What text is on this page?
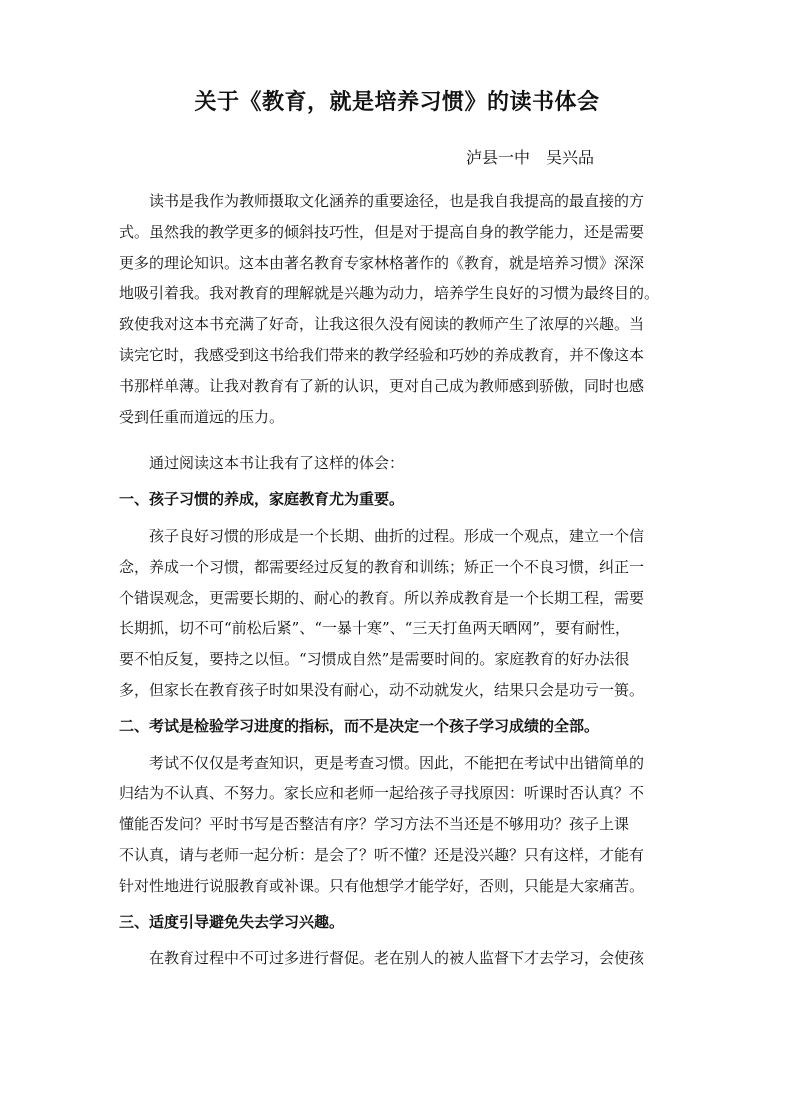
关于《教育，就是培养习惯》的读书体会
泸县一中　吴兴品

读书是我作为教师摄取文化涵养的重要途径，也是我自我提高的最直接的方

式。虽然我的教学更多的倾斜技巧性，但是对于提高自身的教学能力，还是需要

更多的理论知识。这本由著名教育专家林格著作的《教育，就是培养习惯》深深

地吸引着我。我对教育的理解就是兴趣为动力，培养学生良好的习惯为最终目的。

致使我对这本书充满了好奇，让我这很久没有阅读的教师产生了浓厚的兴趣。当

读完它时，我感受到这书给我们带来的教学经验和巧妙的养成教育，并不像这本

书那样单薄。让我对教育有了新的认识，更对自己成为教师感到骄傲，同时也感

受到任重而道远的压力。

通过阅读这本书让我有了这样的体会：

一、孩子习惯的养成，家庭教育尤为重要。

孩子良好习惯的形成是一个长期、曲折的过程。形成一个观点，建立一个信

念，养成一个习惯，都需要经过反复的教育和训练；矫正一个不良习惯，纠正一

个错误观念，更需要长期的、耐心的教育。所以养成教育是一个长期工程，需要

长期抓，切不可“前松后紧”、“一暴十寒”、“三天打鱼两天晒网”，要有耐性，

要不怕反复，要持之以恒。“习惯成自然”是需要时间的。家庭教育的好办法很

多，但家长在教育孩子时如果没有耐心，动不动就发火，结果只会是功亏一篑。

二、考试是检验学习进度的指标，而不是决定一个孩子学习成绩的全部。

考试不仅仅是考查知识，更是考查习惯。因此，不能把在考试中出错简单的

归结为不认真、不努力。家长应和老师一起给孩子寻找原因：听课时否认真？不

懂能否发问？平时书写是否整洁有序？学习方法不当还是不够用功？孩子上课

不认真，请与老师一起分析：是会了？听不懂？还是没兴趣？只有这样，才能有

针对性地进行说服教育或补课。只有他想学才能学好，否则，只能是大家痛苦。

三、适度引导避免失去学习兴趣。

在教育过程中不可过多进行督促。老在别人的被人监督下才去学习，会使孩
